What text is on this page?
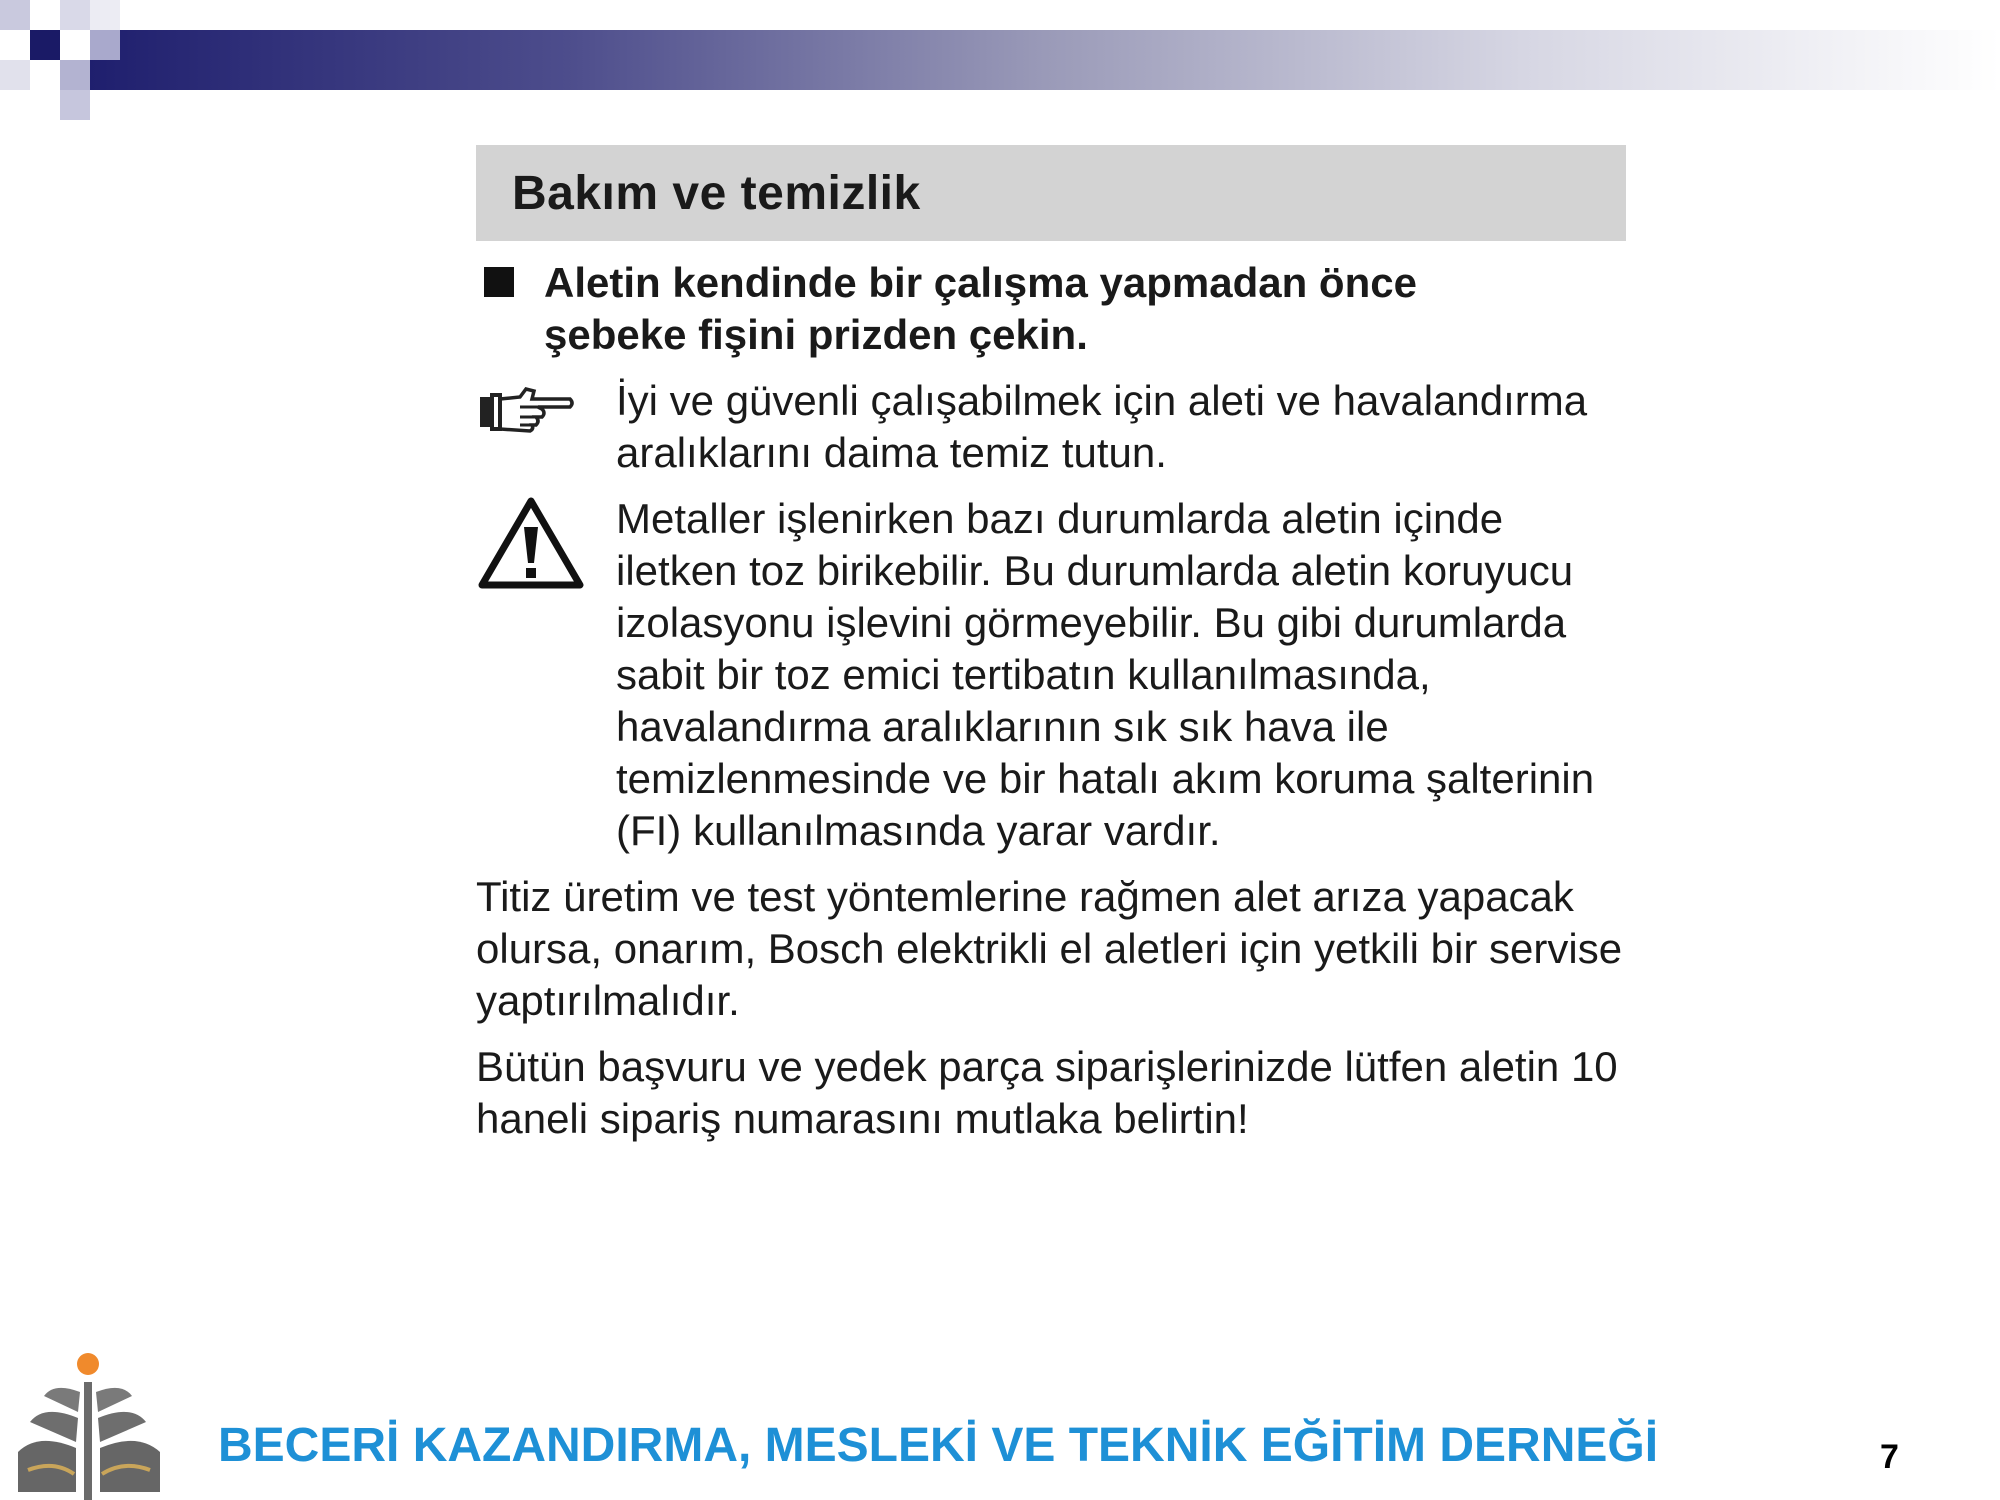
Bakım ve temizlik
Aletin kendinde bir çalışma yapmadan önce şebeke fişini prizden çekin.
İyi ve güvenli çalışabilmek için aleti ve havalandırma aralıklarını daima temiz tutun.
Metaller işlenirken bazı durumlarda aletin içinde iletken toz birikebilir. Bu durumlarda aletin koruyucu izolasyonu işlevini görmeyebilir. Bu gibi durumlarda sabit bir toz emici tertibatın kullanılmasında, havalandırma aralıklarının sık sık hava ile temizlenmesinde ve bir hatalı akım koruma şalterinin (FI) kullanılmasında yarar vardır.
Titiz üretim ve test yöntemlerine rağmen alet arıza yapacak olursa, onarım, Bosch elektrikli el aletleri için yetkili bir servise yaptırılmalıdır.
Bütün başvuru ve yedek parça siparişlerinizde lütfen aletin 10 haneli sipariş numarasını mutlaka belirtin!
BECERİ KAZANDIRMA, MESLEKİ VE TEKNİK EĞİTİM DERNEĞİ	7
